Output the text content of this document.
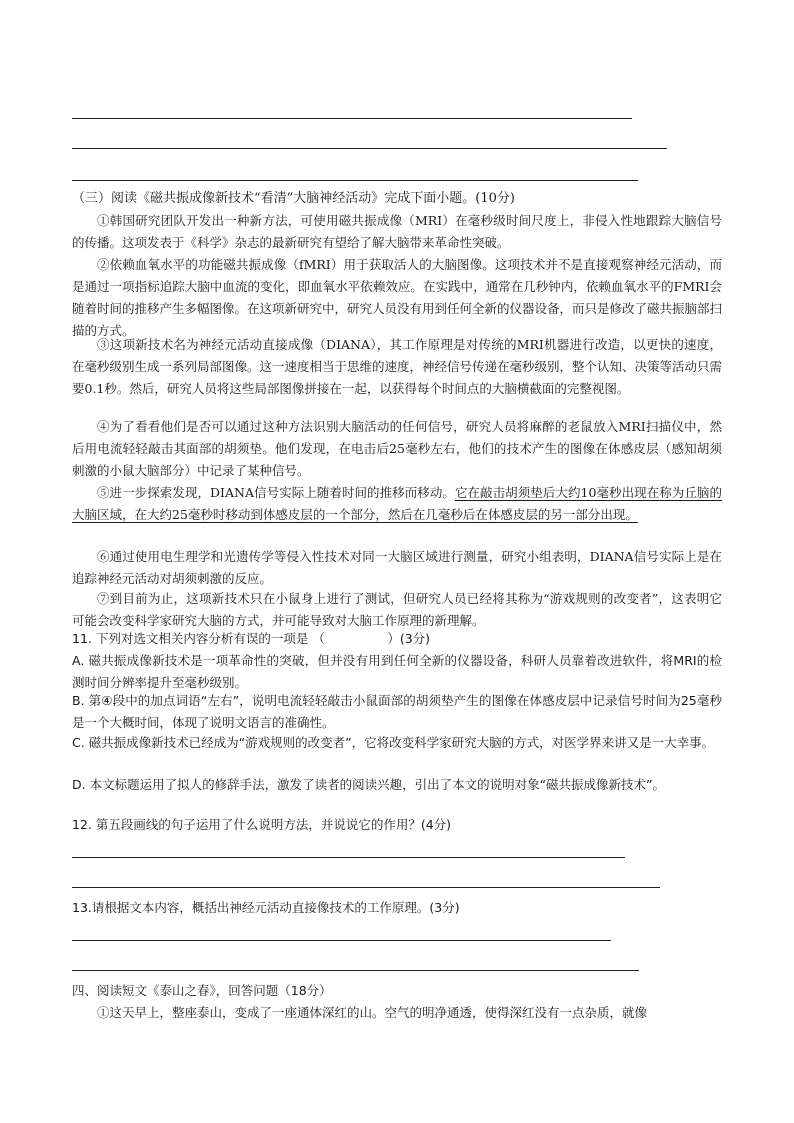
（三）阅读《磁共振成像新技术“看清”大脑神经活动》完成下面小题。(10分)

①韩国研究团队开发出一种新方法，可使用磁共振成像（MRI）在毫秒级时间尺度上，非侵入性地跟踪大脑信号的传播。这项发表于《科学》杂志的最新研究有望给了解大脑带来革命性突破。

②依赖血氧水平的功能磁共振成像（fMRI）用于获取活人的大脑图像。这项技术并不是直接观察神经元活动，而是通过一项指标追踪大脑中血流的变化，即血氧水平依赖效应。在实践中，通常在几秒钟内，依赖血氧水平的FMRI会随着时间的推移产生多幅图像。在这项新研究中，研究人员没有用到任何全新的仪器设备，而只是修改了磁共振脑部扫描的方式。

③这项新技术名为神经元活动直接成像（DIANA），其工作原理是对传统的MRI机器进行改造，以更快的速度，在毫秒级别生成一系列局部图像。这一速度相当于思维的速度，神经信号传递在毫秒级别，整个认知、决策等活动只需要0.1秒。然后，研究人员将这些局部图像拼接在一起，以获得每个时间点的大脑横截面的完整视图。

④为了看看他们是否可以通过这种方法识别大脑活动的任何信号，研究人员将麻醉的老鼠放入MRI扫描仪中，然后用电流轻轻敲击其面部的胡须垫。他们发现，在电击后25毫秒左右，他们的技术产生的图像在体感皮层（感知胡须刺激的小鼠大脑部分）中记录了某种信号。

⑤进一步探索发现，DIANA信号实际上随着时间的推移而移动。它在敲击胡须垫后大约10毫秒出现在称为丘脑的大脑区域，在大约25毫秒时移动到体感皮层的一个部分，然后在几毫秒后在体感皮层的另一部分出现。

⑥通过使用电生理学和光遗传学等侵入性技术对同一大脑区域进行测量，研究小组表明，DIANA信号实际上是在追踪神经元活动对胡须刺激的反应。

⑦到目前为止，这项新技术只在小鼠身上进行了测试，但研究人员已经将其称为“游戏规则的改变者”，这表明它可能会改变科学家研究大脑的方式，并可能导致对大脑工作原理的新理解。

11. 下列对选文相关内容分析有误的一项是 （　　　　　）(3分)

A. 磁共振成像新技术是一项革命性的突破，但并没有用到任何全新的仪器设备，科研人员靠着改进软件，将MRI的检测时间分辨率提升至毫秒级别。

B. 第④段中的加点词语“左右”，说明电流轻轻敲击小鼠面部的胡须垫产生的图像在体感皮层中记录信号时间为25毫秒是一个大概时间，体现了说明文语言的准确性。

C. 磁共振成像新技术已经成为“游戏规则的改变者”，它将改变科学家研究大脑的方式，对医学界来讲又是一大幸事。

D. 本文标题运用了拟人的修辞手法，激发了读者的阅读兴趣，引出了本文的说明对象“磁共振成像新技术”。

12. 第五段画线的句子运用了什么说明方法，并说说它的作用？(4分)

13.请根据文本内容，概括出神经元活动直接像技术的工作原理。(3分)

四、阅读短文《泰山之春》，回答问题（18分）

①这天早上，整座泰山，变成了一座通体深红的山。空气的明净通透，使得深红没有一点杂质，就像
